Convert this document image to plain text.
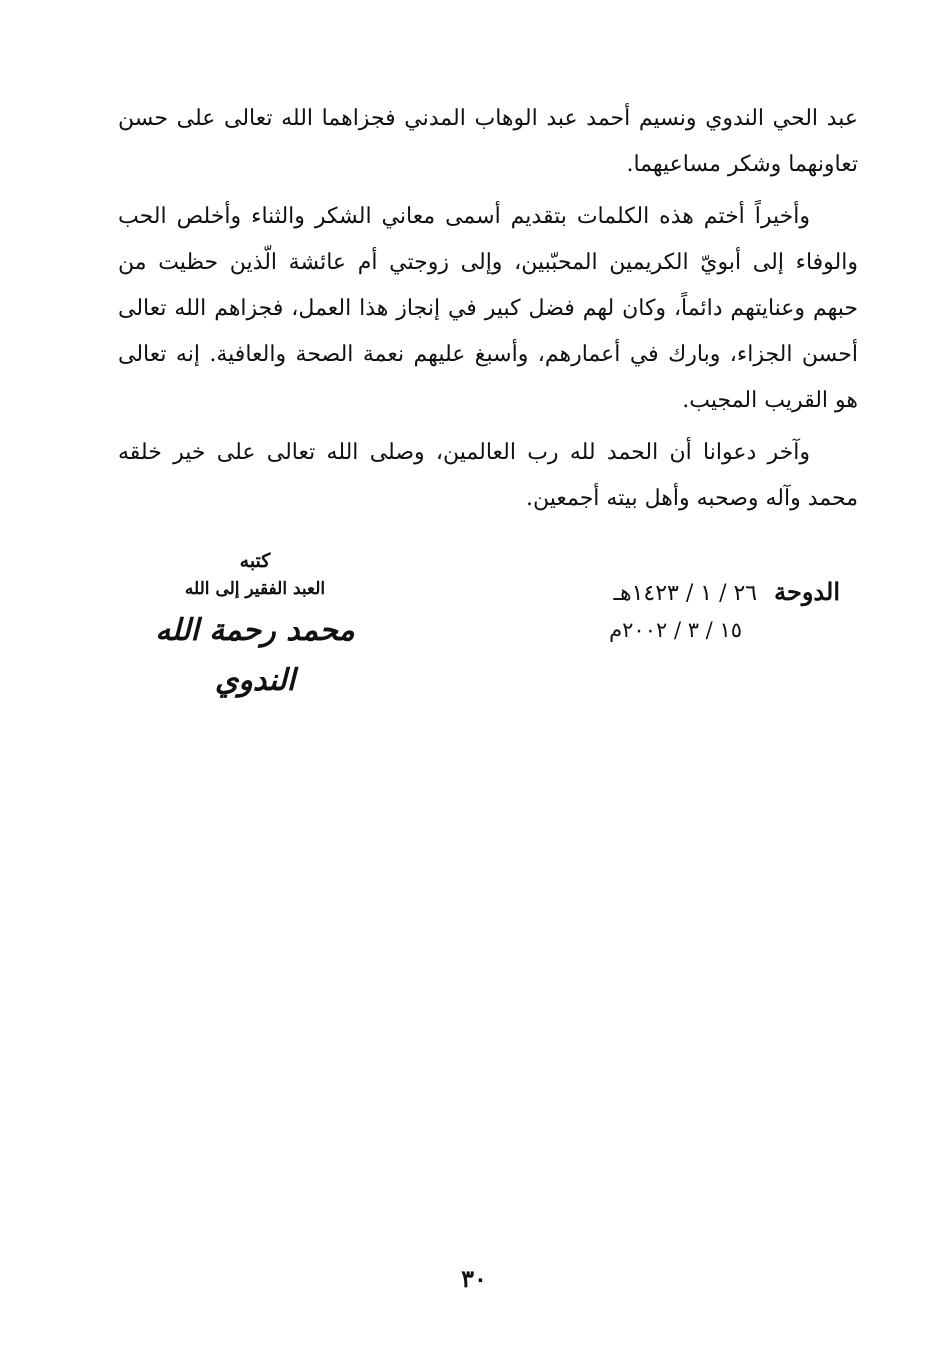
عبد الحي الندوي ونسيم أحمد عبد الوهاب المدني فجزاهما الله تعالى على حسن تعاونهما وشكر مساعيهما.

وأخيراً أختم هذه الكلمات بتقديم أسمى معاني الشكر والثناء وأخلص الحب والوفاء إلى أبويّ الكريمين المحبّبين، وإلى زوجتي أم عائشة الّذين حظيت من حبهم وعنايتهم دائماً، وكان لهم فضل كبير في إنجاز هذا العمل، فجزاهم الله تعالى أحسن الجزاء، وبارك في أعمارهم، وأسبغ عليهم نعمة الصحة والعافية. إنه تعالى هو القريب المجيب.

وآخر دعوانا أن الحمد لله رب العالمين، وصلى الله تعالى على خير خلقه محمد وآله وصحبه وأهل بيته أجمعين.

كتبه
العبد الفقير إلى الله
محمد رحمة الله الندوي
الدوحة ٢٦ / ١ / ١٤٢٣هـ
١٥ / ٣ / ٢٠٠٢م
٣٠
